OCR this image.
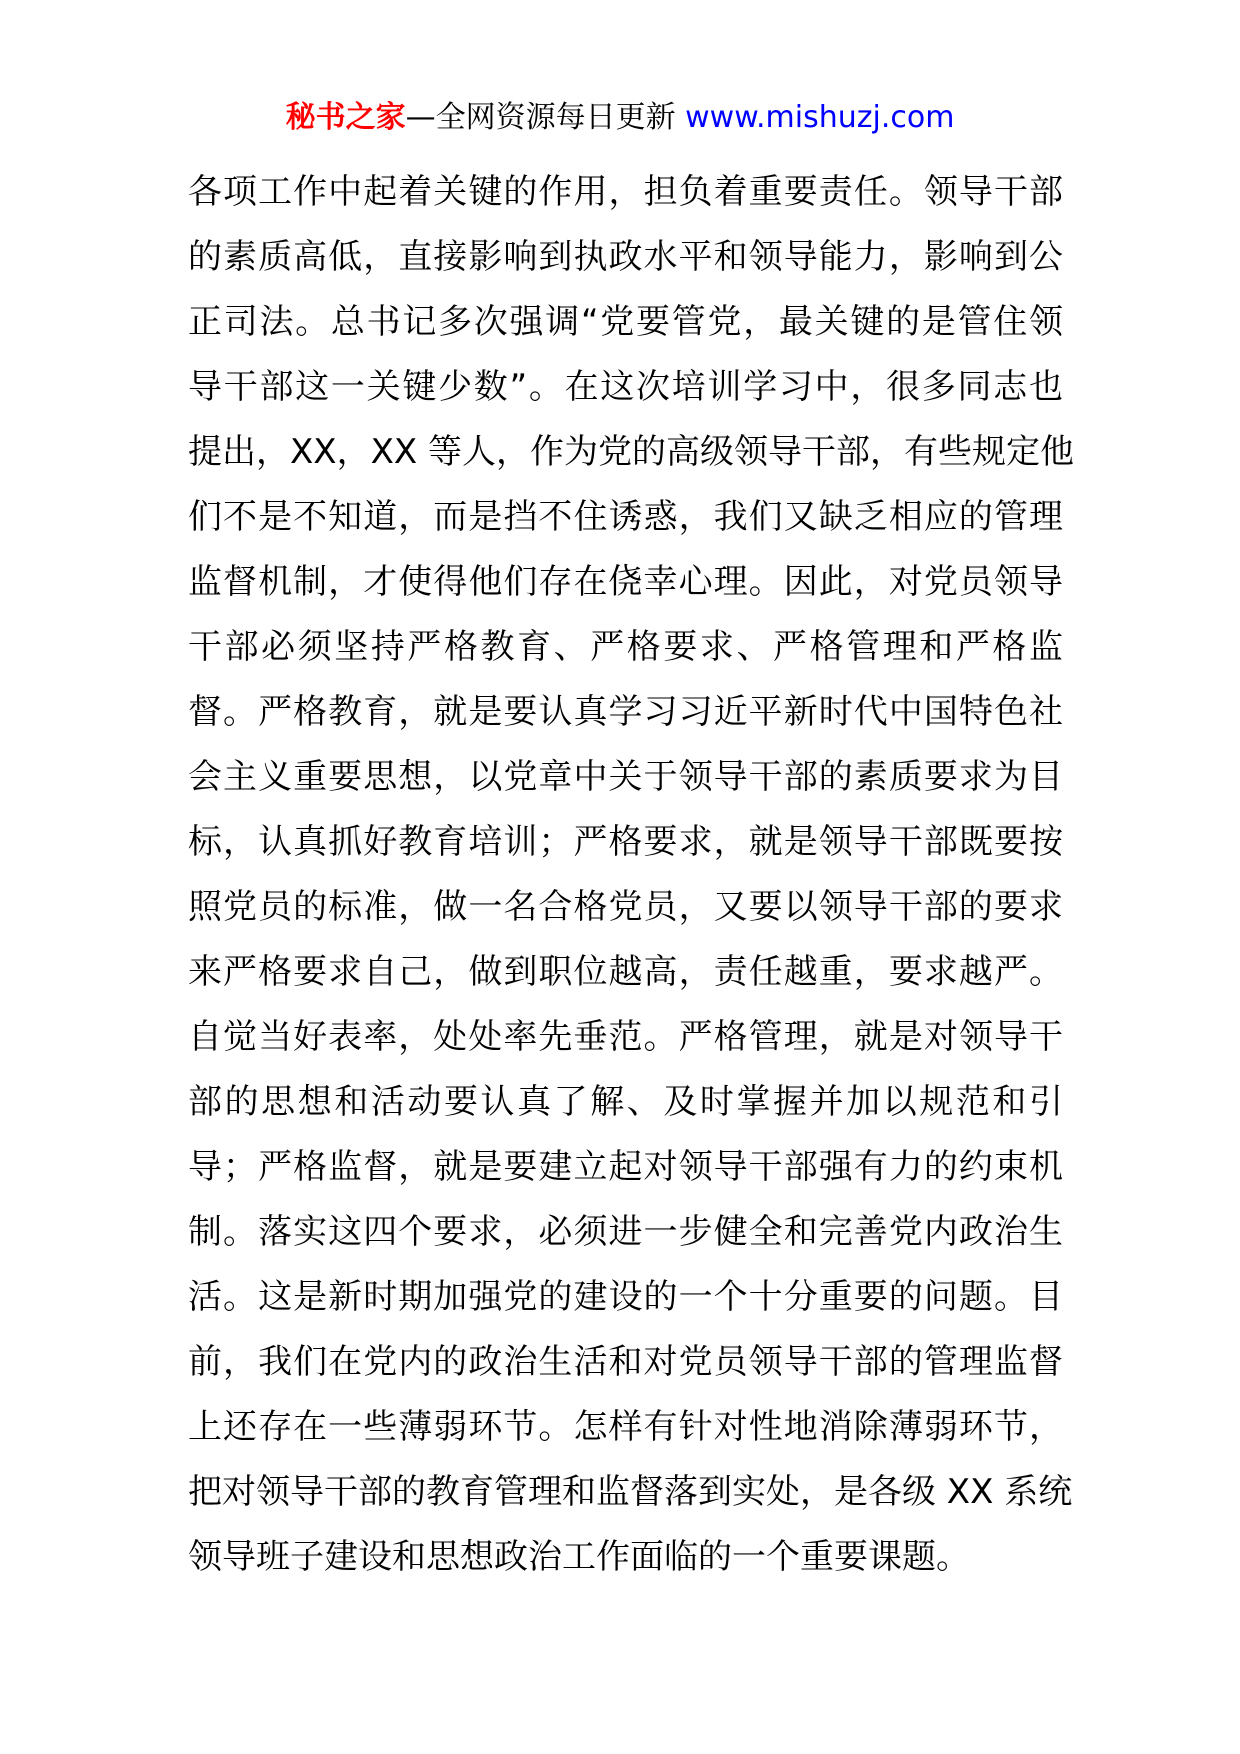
秘书之家—全网资源每日更新 www.mishuzj.com
各项工作中起着关键的作用，担负着重要责任。领导干部
的素质高低，直接影响到执政水平和领导能力，影响到公
正司法。总书记多次强调“党要管党，最关键的是管住领
导干部这一关键少数”。在这次培训学习中，很多同志也
提出，XX，XX 等人，作为党的高级领导干部，有些规定他
们不是不知道，而是挡不住诱惑，我们又缺乏相应的管理
监督机制，才使得他们存在侥幸心理。因此，对党员领导
干部必须坚持严格教育、严格要求、严格管理和严格监
督。严格教育，就是要认真学习习近平新时代中国特色社
会主义重要思想，以党章中关于领导干部的素质要求为目
标，认真抓好教育培训；严格要求，就是领导干部既要按
照党员的标准，做一名合格党员，又要以领导干部的要求
来严格要求自己，做到职位越高，责任越重，要求越严。
自觉当好表率，处处率先垂范。严格管理，就是对领导干
部的思想和活动要认真了解、及时掌握并加以规范和引
导；严格监督，就是要建立起对领导干部强有力的约束机
制。落实这四个要求，必须进一步健全和完善党内政治生
活。这是新时期加强党的建设的一个十分重要的问题。目
前，我们在党内的政治生活和对党员领导干部的管理监督
上还存在一些薄弱环节。怎样有针对性地消除薄弱环节，
把对领导干部的教育管理和监督落到实处，是各级 XX 系统
领导班子建设和思想政治工作面临的一个重要课题。
